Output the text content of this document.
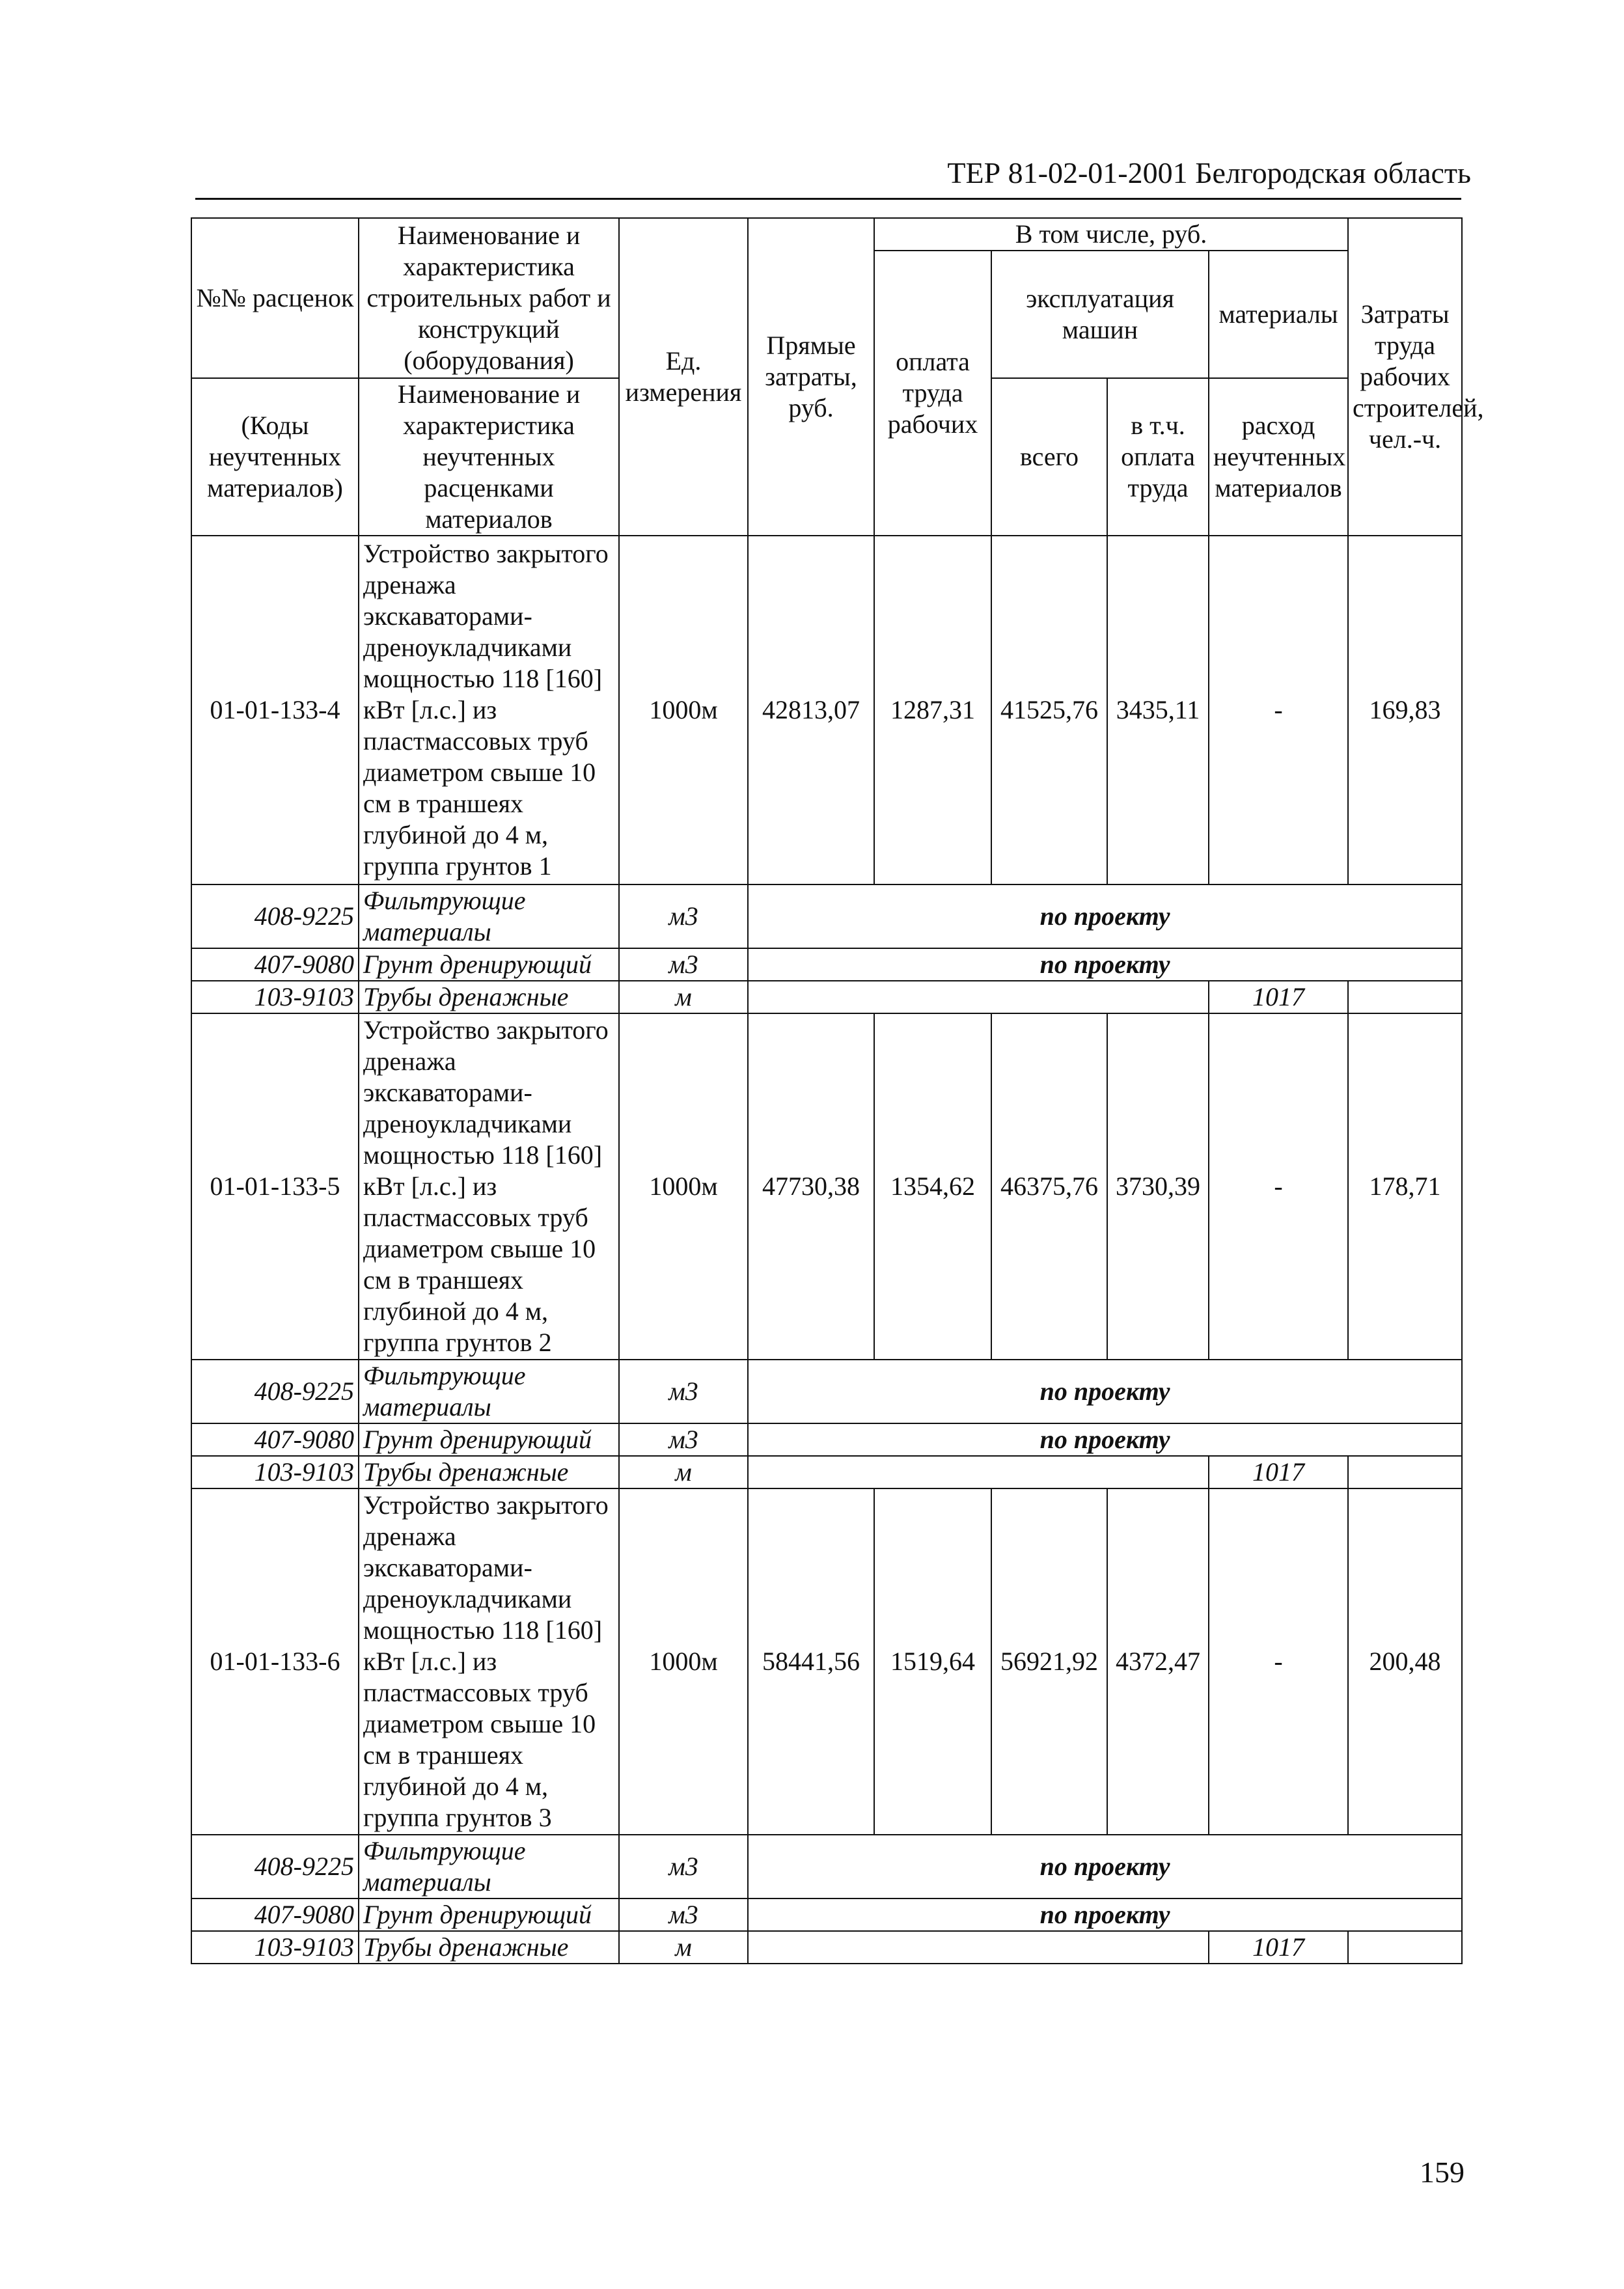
ТЕР 81-02-01-2001 Белгородская область
№№ расценок	Наименование и характеристика строительных работ и конструкций (оборудования)	Ед. измерения	Прямые затраты, руб.	В том числе, руб.				Затраты труда рабочих строителей, чел.-ч.
				оплата труда рабочих	эксплуатация машин		материалы	
(Коды неучтенных материалов)	Наименование и характеристика неучтенных расценками материалов				всего	в т.ч. оплата труда	расход неучтенных материалов	
01-01-133-4	Устройство закрытого дренажа экскаваторами-дреноукладчиками мощностью 118 [160] кВт [л.с.] из пластмассовых труб диаметром свыше 10 см в траншеях глубиной до 4 м, группа грунтов 1	1000м	42813,07	1287,31	41525,76	3435,11	-	169,83
408-9225	Фильтрующие материалы	м3	по проекту					
407-9080	Грунт дренирующий	м3	по проекту					
103-9103	Трубы дренажные	м					1017	
01-01-133-5	Устройство закрытого дренажа экскаваторами-дреноукладчиками мощностью 118 [160] кВт [л.с.] из пластмассовых труб диаметром свыше 10 см в траншеях глубиной до 4 м, группа грунтов 2	1000м	47730,38	1354,62	46375,76	3730,39	-	178,71
408-9225	Фильтрующие материалы	м3	по проекту					
407-9080	Грунт дренирующий	м3	по проекту					
103-9103	Трубы дренажные	м					1017	
01-01-133-6	Устройство закрытого дренажа экскаваторами-дреноукладчиками мощностью 118 [160] кВт [л.с.] из пластмассовых труб диаметром свыше 10 см в траншеях глубиной до 4 м, группа грунтов 3	1000м	58441,56	1519,64	56921,92	4372,47	-	200,48
408-9225	Фильтрующие материалы	м3	по проекту					
407-9080	Грунт дренирующий	м3	по проекту					
103-9103	Трубы дренажные	м					1017	
159
